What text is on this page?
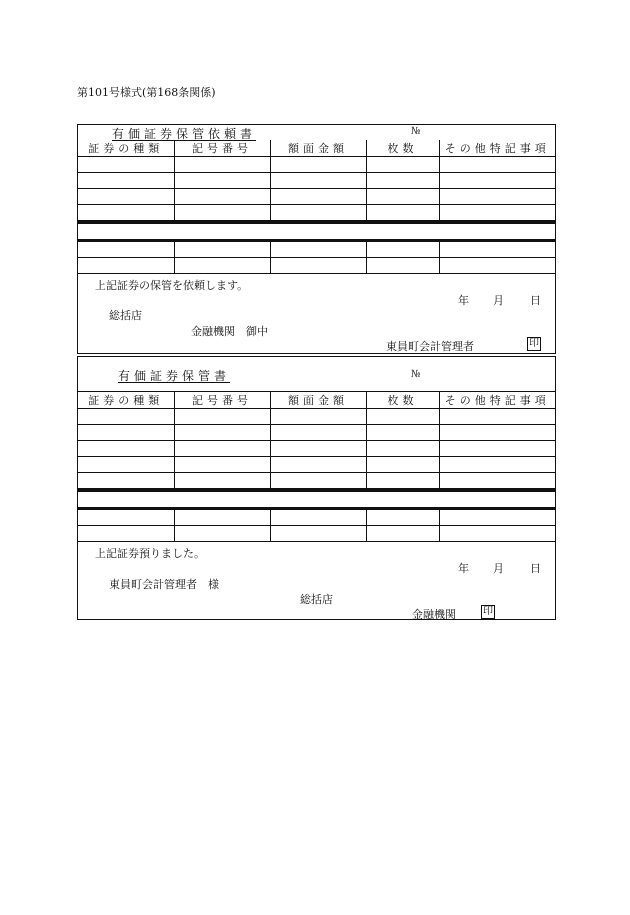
第101号様式(第168条関係)
有価証券保管依頼書	№
証券の種類	記号番号	額面金額	枚数	その他特記事項

上記証券の保管を依頼します。
年 月 日
総括店
金融機関　御中
東員町会計管理者	印
有価証券保管書	№
証券の種類	記号番号	額面金額	枚数	その他特記事項

上記証券預りました。
年 月 日
東員町会計管理者　様
総括店
金融機関	印
